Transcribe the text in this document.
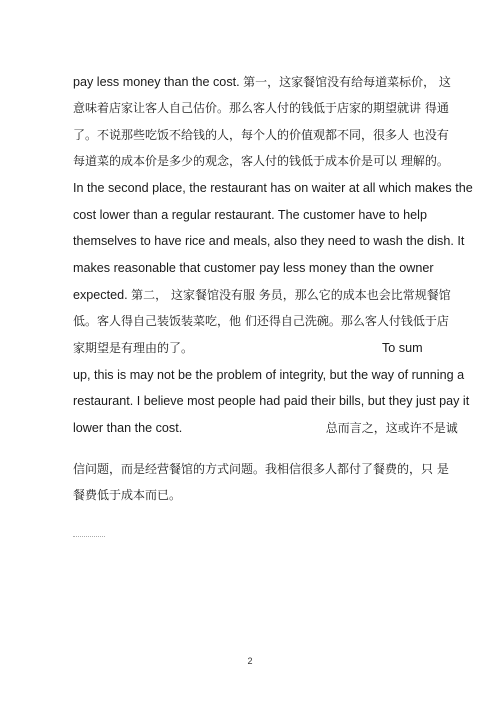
pay less money than the cost. 第一，这家餐馆没有给每道菜标价， 这
意味着店家让客人自己估价。那么客人付的钱低于店家的期望就讲 得通
了。不说那些吃饭不给钱的人，每个人的价值观都不同，很多人 也没有
每道菜的成本价是多少的观念，客人付的钱低于成本价是可以 理解的。
In the second place, the restaurant has on waiter at all which makes the
cost lower than a regular restaurant. The customer have to help
themselves to have rice and meals, also they need to wash the dish. It
makes reasonable that customer pay less money than the owner
expected. 第二， 这家餐馆没有服 务员，那么它的成本也会比常规餐馆
低。客人得自己装饭装菜吃，他 们还得自己洗碗。那么客人付钱低于店
家期望是有理由的了。	To sum
up, this is may not be the problem of integrity, but the way of running a
restaurant. I believe most people had paid their bills, but they just pay it
lower than the cost.	总而言之，这或许不是诚
信问题，而是经营餐馆的方式问题。我相信很多人都付了餐费的，只 是
餐费低于成本而已。
2
